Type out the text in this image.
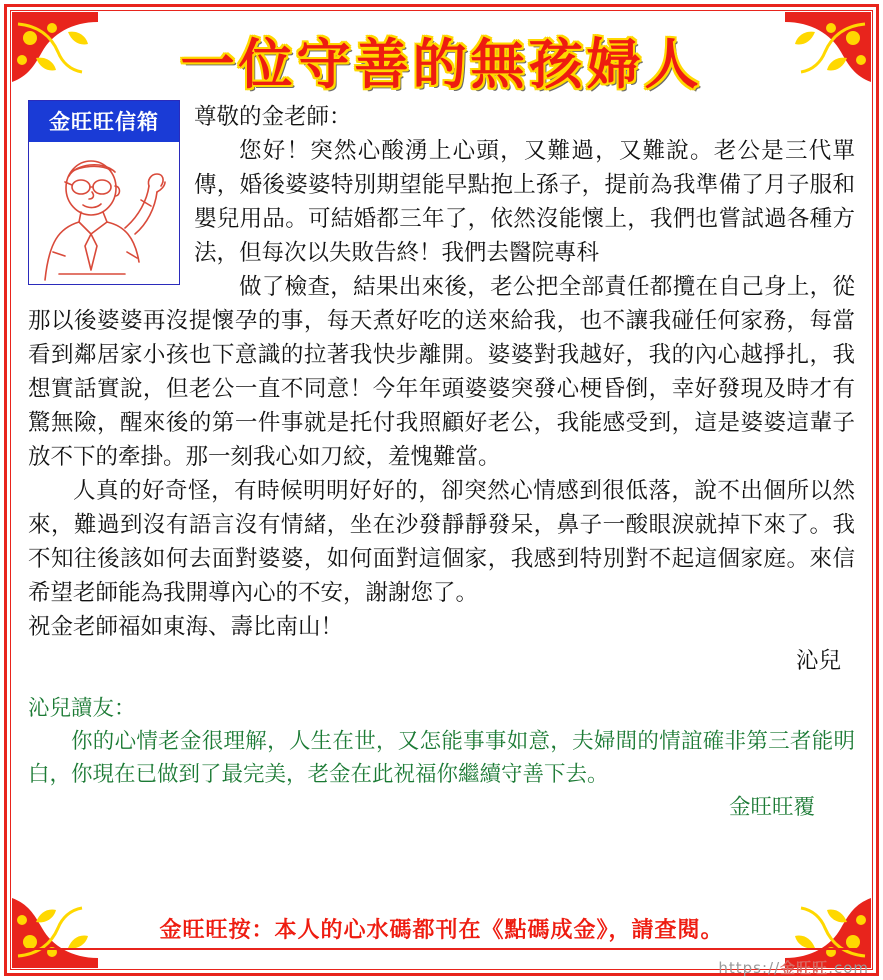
一位守善的無孩婦人
金旺旺信箱	尊敬的金老師：
您好！突然心酸湧上心頭，又難過，又難說。老公是三代單傳，婚後婆婆特別期望能早點抱上孫子，提前為我準備了月子服和嬰兒用品。可結婚都三年了，依然沒能懷上，我們也嘗試過各種方法，但每次以失敗告終！我們去醫院專科
做了檢查，結果出來後，老公把全部責任都攬在自己身上，從那以後婆婆再沒提懷孕的事，每天煮好吃的送來給我，也不讓我碰任何家務，每當看到鄰居家小孩也下意識的拉著我快步離開。婆婆對我越好，我的內心越掙扎，我想實話實說，但老公一直不同意！今年年頭婆婆突發心梗昏倒，幸好發現及時才有驚無險，醒來後的第一件事就是托付我照顧好老公，我能感受到，這是婆婆這輩子放不下的牽掛。那一刻我心如刀絞，羞愧難當。
人真的好奇怪，有時候明明好好的，卻突然心情感到很低落，說不出個所以然來，難過到沒有語言沒有情緒，坐在沙發靜靜發呆，鼻子一酸眼淚就掉下來了。我不知往後該如何去面對婆婆，如何面對這個家，我感到特別對不起這個家庭。來信希望老師能為我開導內心的不安，謝謝您了。
祝金老師福如東海、壽比南山！
沁兒
沁兒讀友：
你的心情老金很理解，人生在世，又怎能事事如意，夫婦間的情誼確非第三者能明白，你現在已做到了最完美，老金在此祝福你繼續守善下去。
金旺旺覆
金旺旺按：本人的心水碼都刊在《點碼成金》，請查閱。
https://金旺旺.com
